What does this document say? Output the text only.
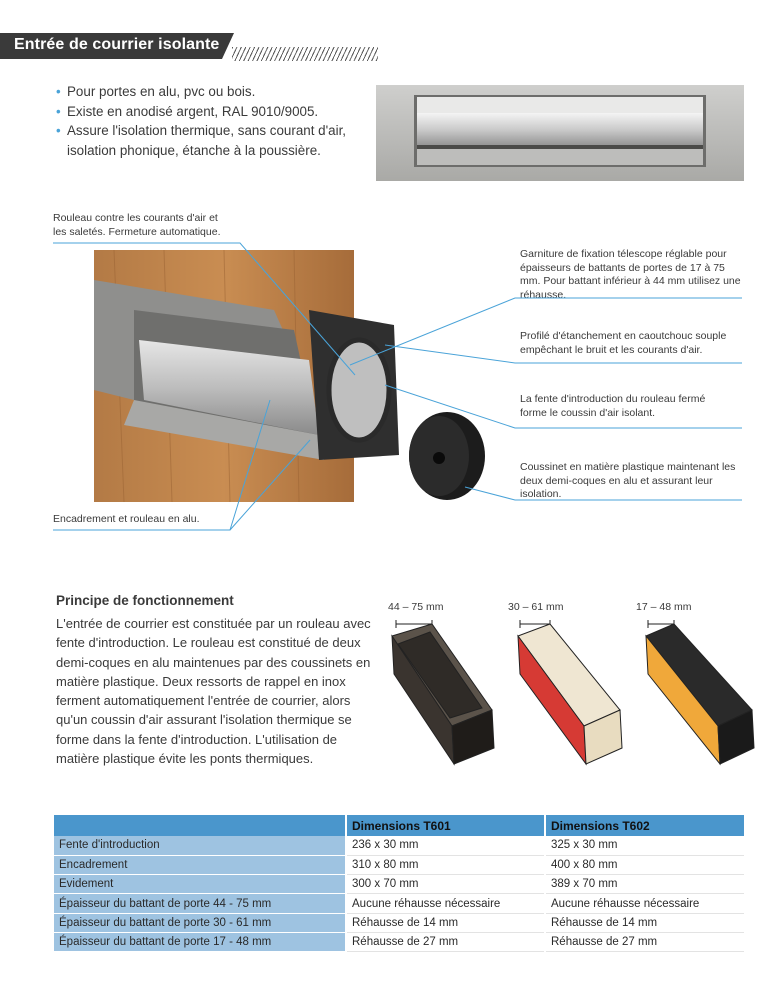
Entrée de courrier isolante
• Pour portes en alu, pvc ou bois.
• Existe en anodisé argent, RAL 9010/9005.
• Assure l'isolation thermique, sans courant d'air, isolation phonique, étanche à la poussière.
Rouleau contre les courants d'air et les saletés. Fermeture automatique.
Garniture de fixation télescope réglable pour épaisseurs de battants de portes de 17 à 75 mm. Pour battant inférieur à 44 mm utilisez une réhausse.
Profilé d'étanchement en caoutchouc souple empêchant le bruit et les courants d'air.
La fente d'introduction du rouleau fermé forme le coussin d'air isolant.
Coussinet en matière plastique maintenant les deux demi-coques en alu et assurant leur isolation.
Encadrement et rouleau en alu.
Principe de fonctionnement
L'entrée de courrier est constituée par un rouleau avec fente d'introduction. Le rouleau est constitué de deux demi-coques en alu maintenues par des coussinets en matière plastique. Deux ressorts de rappel en inox ferment automatiquement l'entrée de courrier, alors qu'un coussin d'air assurant l'isolation thermique se forme dans la fente d'introduction. L'utilisation de matière plastique évite les ponts thermiques.
44 – 75 mm	30 – 61 mm	17 – 48 mm
	Dimensions T601	Dimensions T602
Fente d'introduction	236 x 30 mm	325 x 30 mm
Encadrement	310 x 80 mm	400 x 80 mm
Evidement	300 x 70 mm	389 x 70 mm
Épaisseur du battant de porte 44 - 75 mm	Aucune réhausse nécessaire	Aucune réhausse nécessaire
Épaisseur du battant de porte 30 - 61 mm	Réhausse de 14 mm	Réhausse de 14 mm
Épaisseur du battant de porte 17 - 48 mm	Réhausse de 27 mm	Réhausse de 27 mm
